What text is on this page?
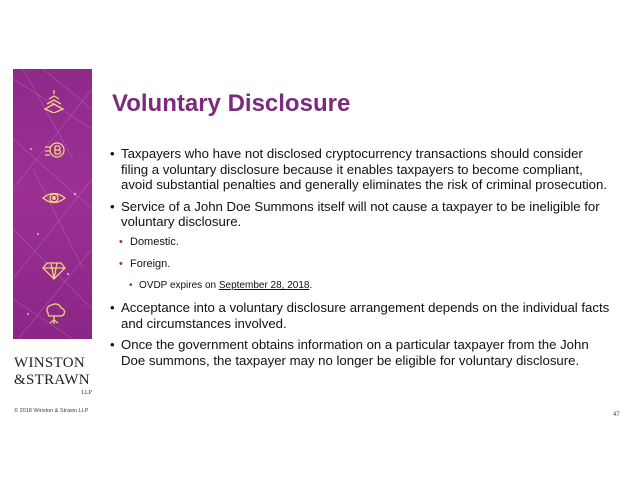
WINSTON
&STRAWN
LLP
© 2018 Winston & Strawn LLP
Voluntary Disclosure
• Taxpayers who have not disclosed cryptocurrency transactions should consider filing a voluntary disclosure because it enables taxpayers to become compliant, avoid substantial penalties and generally eliminates the risk of criminal prosecution.
• Service of a John Doe Summons itself will not cause a taxpayer to be ineligible for voluntary disclosure.
• Domestic.
• Foreign.
• OVDP expires on September 28, 2018.
• Acceptance into a voluntary disclosure arrangement depends on the individual facts and circumstances involved.
• Once the government obtains information on a particular taxpayer from the John Doe summons, the taxpayer may no longer be eligible for voluntary disclosure.
47
